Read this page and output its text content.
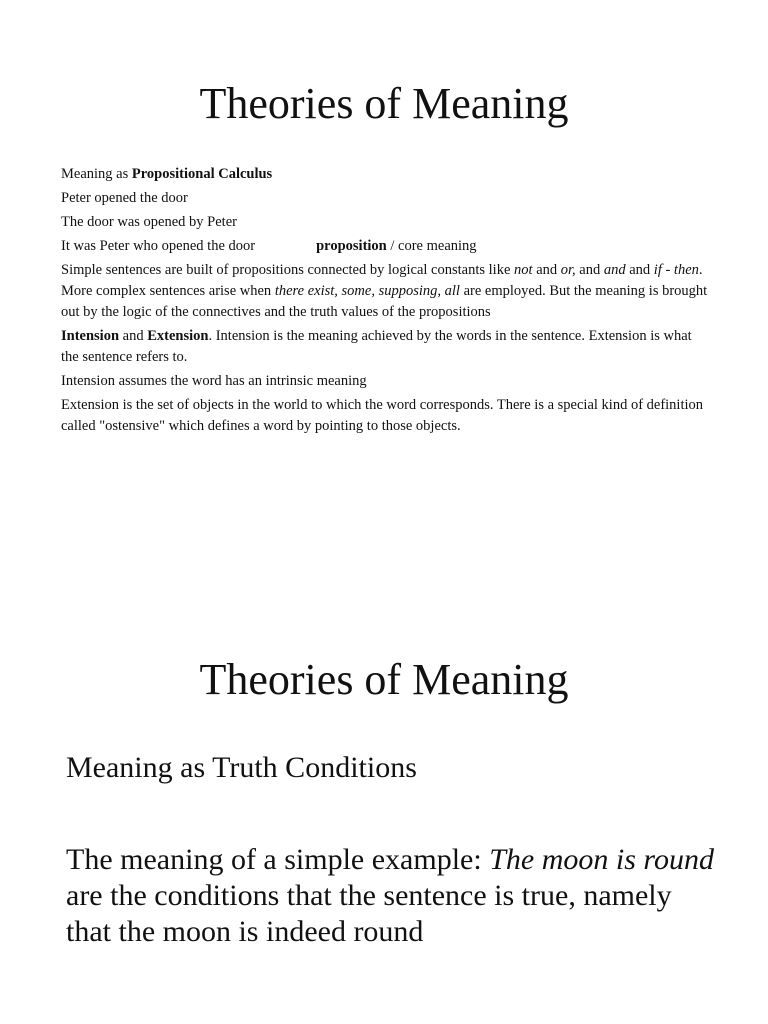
Theories of Meaning

Meaning as Propositional Calculus

Peter opened the door

The door was opened by Peter

It was Peter who opened the door	proposition / core meaning

Simple sentences are built of propositions connected by logical constants like not and or, and and and if - then. More complex sentences arise when there exist, some, supposing, all are employed. But the meaning is brought out by the logic of the connectives and the truth values of the propositions

Intension and Extension. Intension is the meaning achieved by the words in the sentence. Extension is what the sentence refers to.

Intension assumes the word has an intrinsic meaning

Extension is the set of objects in the world to which the word corresponds. There is a special kind of definition called "ostensive" which defines a word by pointing to those objects.

Theories of Meaning

Meaning as Truth Conditions

The meaning of a simple example: The moon is round are the conditions that the sentence is true, namely that the moon is indeed round
